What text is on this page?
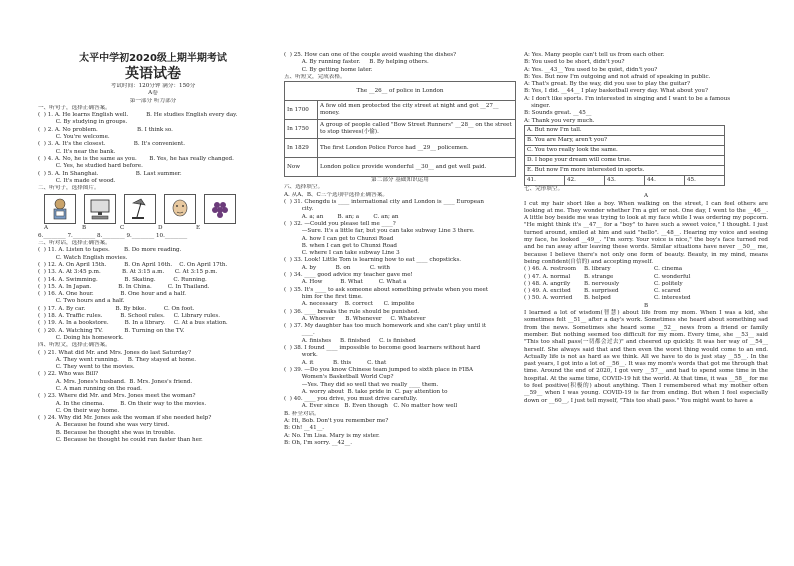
太平中学初2020级上期半期考试
英语试卷
考试时间：120分钟 满分：150分
A卷
第一部分 听力部分
一、听句子，选择正确答案。
(  ) 1. A. He learns English well.          B. He studies English every day.
C. By studying in groups.
(  ) 2. A. No problem.                      B. I think so.
C. You're welcome.
(  ) 3. A. It's the closest.                B. It's convenient.
C. It's near the bank.
(  ) 4. A. No, he is the same as you.       B. Yes, he has really changed.
C. Yes, he studied hard before.
(  ) 5. A. In Shanghai.                     B. Last summer.
C. It's made of wood.
二、听句子，选择图片。
A	B	C	D	E
6.________ 7.________ 8.________ 9.________ 10.________
三、听对话，选择正确答案。
(  ) 11. A. Listen to tapes.        B. Do more reading.
C. Watch English movies.
(  ) 12. A. On April 15th.          B. On April 16th.    C. On April 17th.
(  ) 13. A. At 3:45 p.m.            B. At 3:15 a.m.      C. At 3:15 p.m.
(  ) 14. A. Swimming.               B. Skating.          C. Running.
(  ) 15. A. In Japan.               B. In China.         C. In Thailand.
(  ) 16. A. One hour.               B. One hour and a half.
C. Two hours and a half.
(  ) 17. A. By car.                 B. By bike.          C. On foot.
(  ) 18. A. Traffic rules.          B. School rules.     C. Library rules.
(  ) 19. A. In a bookstore.         B. In a library.     C. At a bus station.
(  ) 20. A. Watching TV.            B. Turning on the TV.
C. Doing his homework.
四、听短文，选择正确答案。
(  ) 21. What did Mr. and Mrs. Jones do last Saturday?
A. They went running.     B. They stayed at home.
C. They went to the movies.
(  ) 22. Who was Bill?
A. Mrs. Jones's husband.  B. Mrs. Jones's friend.
C. A man running on the road.
(  ) 23. Where did Mr. and Mrs. Jones meet the woman?
A. In the cinema.         B. On their way to the movies.
C. On their way home.
(  ) 24. Why did Mr. Jones ask the woman if she needed help?
A. Because he found she was very tired.
B. Because he thought she was in trouble.
C. Because he thought he could run faster than her.
(  ) 25. How can one of the couple avoid washing the dishes?
A. By running faster.     B. By helping others.
C. By getting home later.
五、听短文，完成表格。
The __26__ of police in London	
In 1700	A few old men protected the city street at night and got __27__ money.
In 1750	A group of people called "Bow Street Runners" __28__ on the street to stop thieves(小偷).
In 1829	The first London Police Force had __29__ policemen.
Now	London police provide wonderful __30__ and get well paid.
第二部分 基础知识运用
六、选择填空。
A. 从A、B、C三个选项中选择正确答案。
(  ) 31. Chengdu is ____ international city and London is ____ European
city.
A. a; an        B. an; a        C. an; an
(  ) 32. —Could you please tell me ____?
—Sure. It's a little far, but you can take subway Line 3 there.
A. how I can get to Chunxi Road
B. when I can get to Chunxi Road
C. where I can take subway Line 3
(  ) 33. Look! Little Tom is learning how to eat ____ chopsticks.
A. by           B. on           C. with
(  ) 34. ____ good advice my teacher gave me!
A. How          B. What         C. What a
(  ) 35. It's ____ to ask someone about something private when you meet
him for the first time.
A. necessary    B. correct      C. impolite
(  ) 36. ____ breaks the rule should be punished.
A. Whoever      B. Whenever     C. Whatever
(  ) 37. My daughter has too much homework and she can't play until it
____.
A. finishes     B. finished     C. is finished
(  ) 38. I found ____ impossible to become good learners without hard
work.
A. it           B. this         C. that
(  ) 39. —Do you know Chinese team jumped to sixth place in FIBA
Women's Basketball World Cup?
—Yes. They did so well that we really ____ them.
A. worry about  B. take pride in  C. pay attention to
(  ) 40. ____ you drive, you must drive carefully.
A. Ever since   B. Even though   C. No matter how well
B. 补全对话。
A: Hi, Bob. Don't you remember me?
B: Oh! __41__.
A: No. I'm Lisa. Mary is my sister.
B: Oh, I'm sorry. __42__.
A: Yes. Many people can't tell us from each other.
B: You used to be short, didn't you?
A: Yes. __43__ You used to be quiet, didn't you?
B: Yes. But now I'm outgoing and not afraid of speaking in public.
A: That's great. By the way, did you use to play the guitar?
B: Yes, I did. __44__ I play basketball every day. What about you?
A: I don't like sports. I'm interested in singing and I want to be a famous
singer.
B: Sounds great. __45__
A: Thank you very much.
A. But now I'm tall.
B. You are Mary, aren't you?
C. You two really look the same.
D. I hope your dream will come true.
E. But now I'm more interested in sports.
41.	42.	43.	44.	45.
七、完形填空。
A
I cut my hair short like a boy. When walking on the street, I can feel others are looking at me. They wonder whether I'm a girl or not. One day, I went to the __46__. A little boy beside me was trying to look at my face while I was ordering my popcorn. "He might think it's __47__ for a "boy" to have such a sweet voice," I thought. I just turned around, smiled at him and said "hello". __48__. Hearing my voice and seeing my face, he looked __49__. "I'm sorry. Your voice is nice," the boy's face turned red and he ran away after leaving these words. Similar situations have never __50__ me, because I believe there's not only one form of beauty. Beauty, in my mind, means being confident(自信的) and accepting myself.
( ) 46. A. restroom	B. library	C. cinema
( ) 47. A. normal	B. strange	C. wonderful
( ) 48. A. angrily	B. nervously	C. politely
( ) 49. A. excited	B. surprised	C. scared
( ) 50. A. worried	B. helped	C. interested
B
I learned a lot of wisdom(智慧) about life from my mom. When I was a kid, she sometimes felt __51__ after a day's work. Sometimes she heard about something sad from the news. Sometimes she heard some __52__ news from a friend or family member. But nothing seemed too difficult for my mom. Every time, she __53__ said "This too shall pass(一切都会过去)" and cheered up quickly. It was her way of __54__ herself. She always said that and then even the worst thing would come to an end. Actually life is not as hard as we think. All we have to do is just stay __55__. In the past years, I got into a lot of __56__. It was my mom's words that got me through that time. Around the end of 2020, I got very __57__ and had to spend some time in the hospital. At the same time, COVID-19 hit the world. At that time, it was __58__ for me to feel positive(积极的) about anything. Then I remembered what my mother often __59__ when I was young. COVID-19 is far from ending. But when I feel especially down or __60__, I just tell myself, "This too shall pass." You might want to have a
